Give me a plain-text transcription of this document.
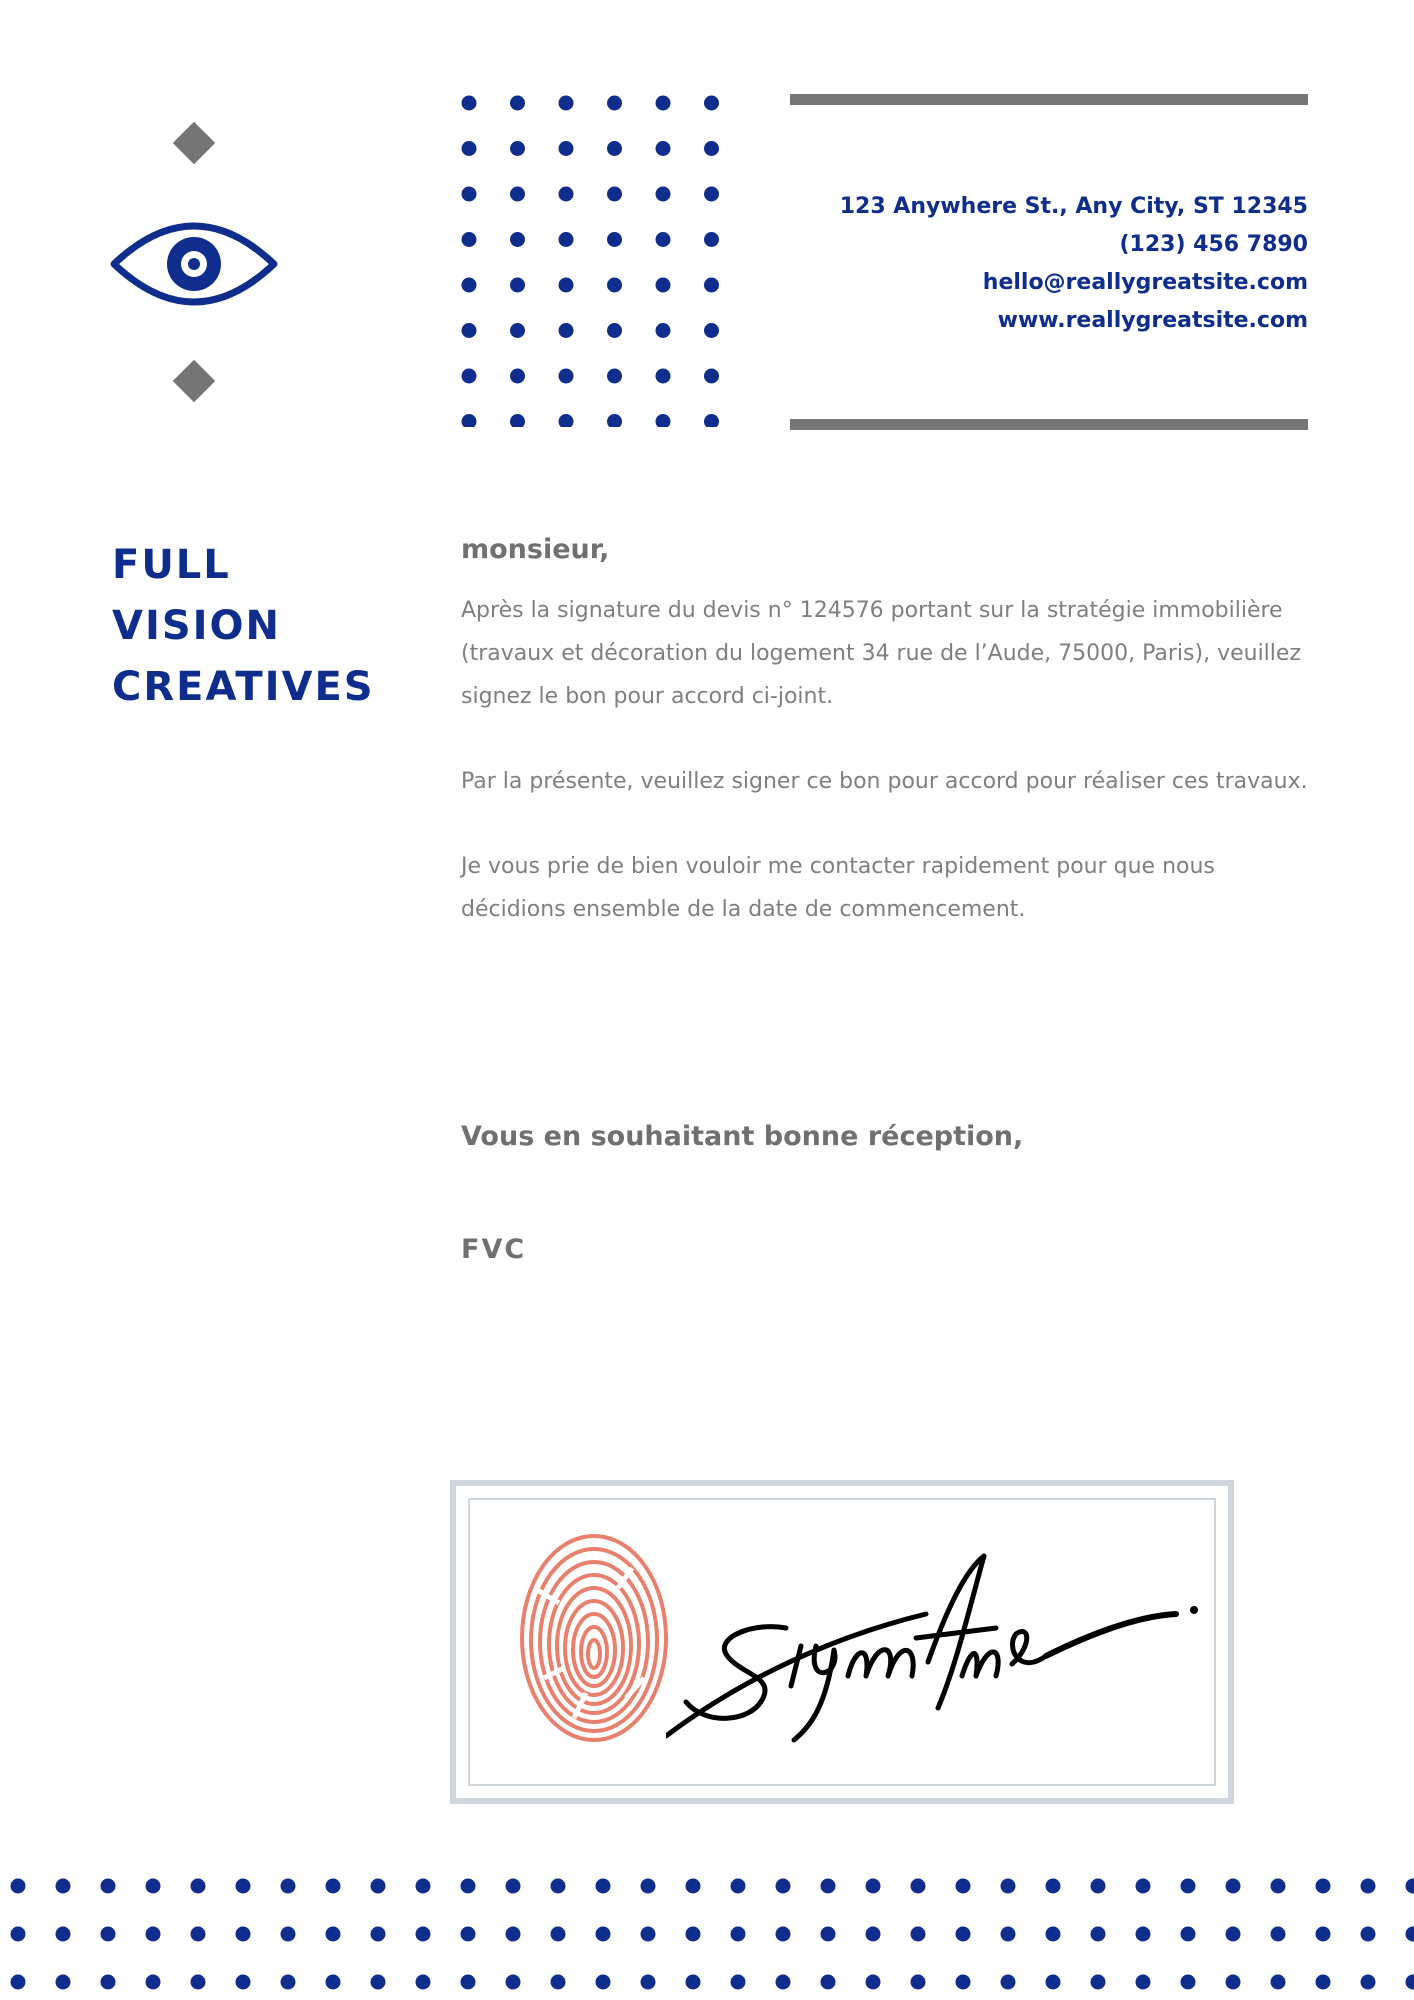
123 Anywhere St., Any City, ST 12345
(123) 456 7890
hello@reallygreatsite.com
www.reallygreatsite.com
FULL
VISION
CREATIVES

monsieur,

Après la signature du devis n° 124576 portant sur la stratégie immobilière (travaux et décoration du logement 34 rue de l’Aude, 75000, Paris), veuillez signez le bon pour accord ci-joint.

Par la présente, veuillez signer ce bon pour accord pour réaliser ces travaux.

Je vous prie de bien vouloir me contacter rapidement pour que nous décidions ensemble de la date de commencement.

Vous en souhaitant bonne réception,
FVC
